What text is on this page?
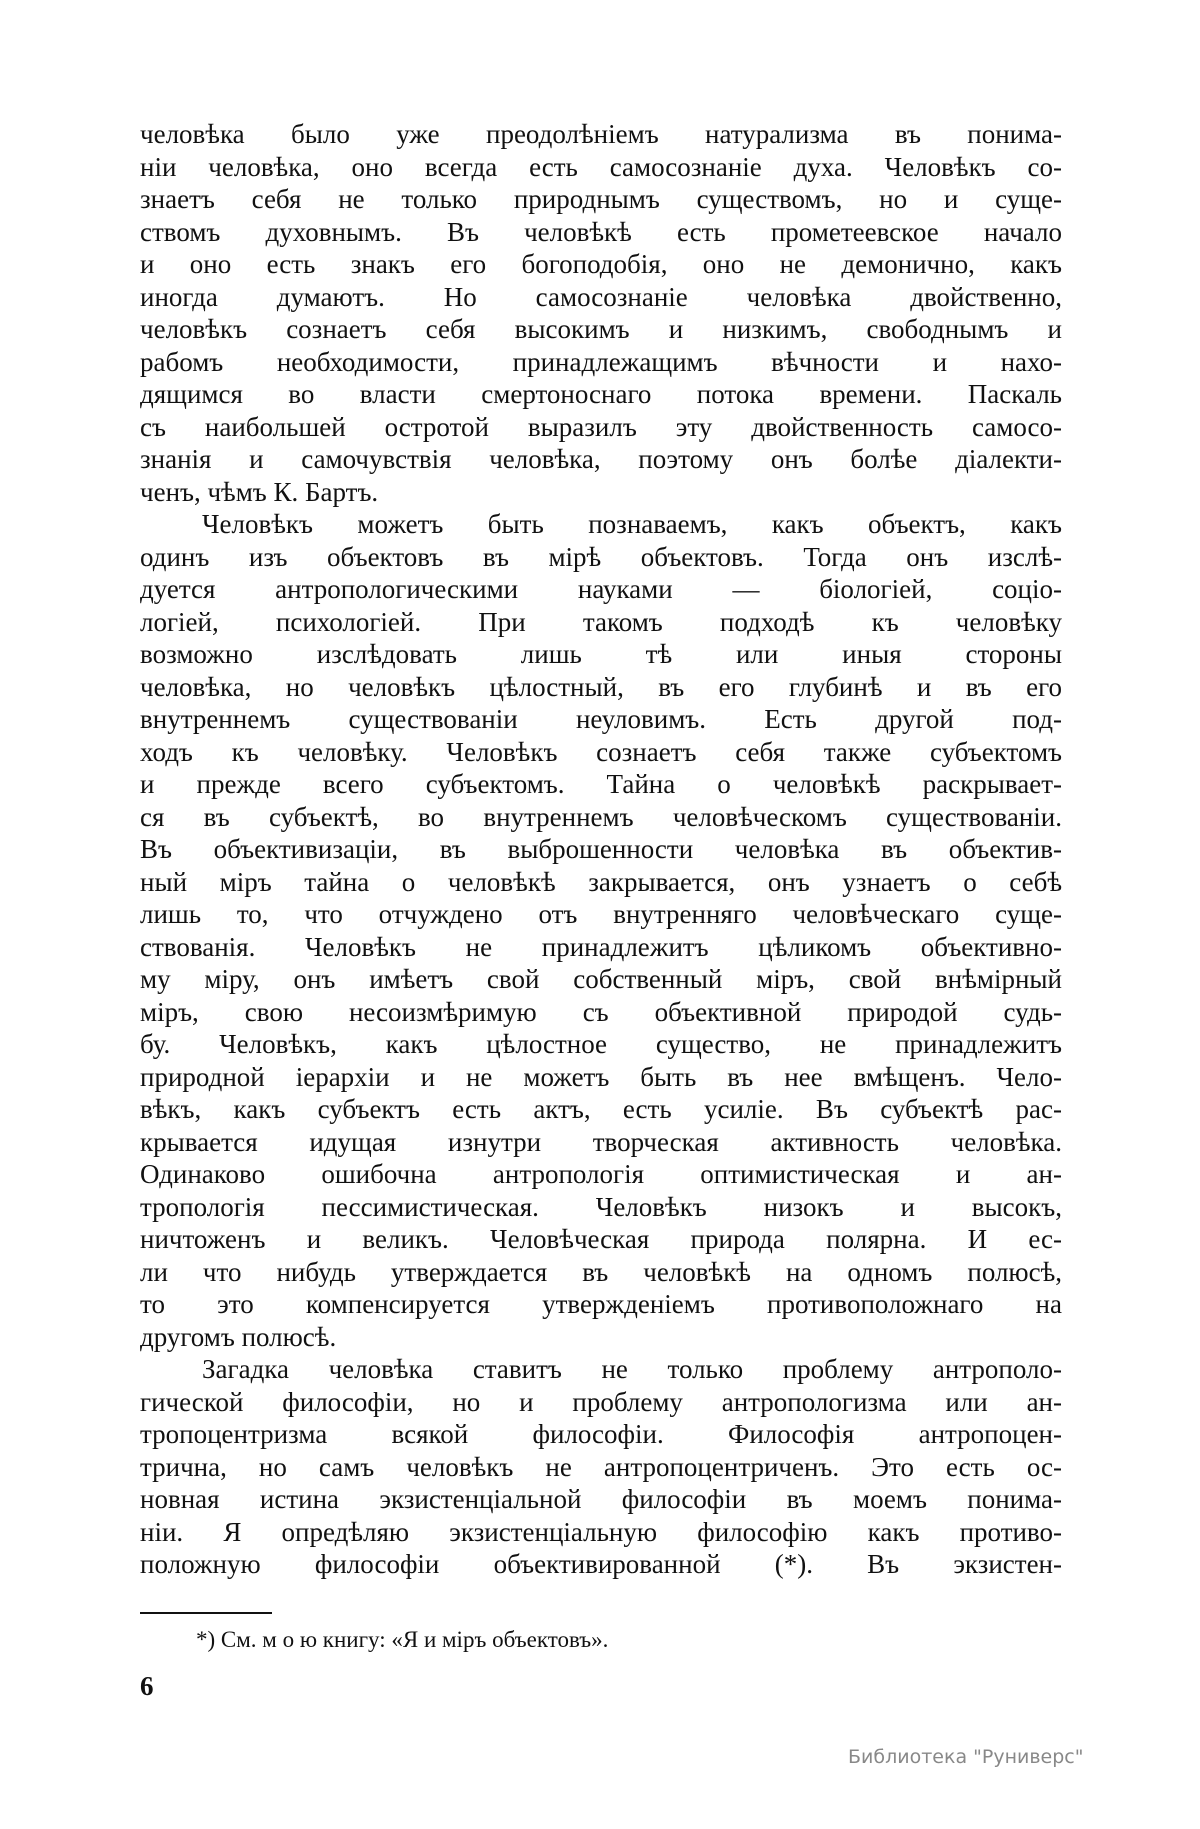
человѣка было уже преодолѣніемъ натурализма въ понима-
ніи человѣка, оно всегда есть самосознаніе духа. Человѣкъ со-
знаетъ себя не только природнымъ существомъ, но и суще-
ствомъ духовнымъ. Въ человѣкѣ есть прометеевское начало
и оно есть знакъ его богоподобія, оно не демонично, какъ
иногда думаютъ. Но самосознаніе человѣка двойственно,
человѣкъ сознаетъ себя высокимъ и низкимъ, свободнымъ и
рабомъ необходимости, принадлежащимъ вѣчности и нахо-
дящимся во власти смертоноснаго потока времени. Паскаль
съ наибольшей остротой выразилъ эту двойственность самосо-
знанія и самочувствія человѣка, поэтому онъ болѣе діалекти-
ченъ, чѣмъ К. Бартъ.
Человѣкъ можетъ быть познаваемъ, какъ объектъ, какъ
одинъ изъ объектовъ въ мірѣ объектовъ. Тогда онъ изслѣ-
дуется антропологическими науками — біологіей, соціо-
логіей, психологіей. При такомъ подходѣ къ человѣку
возможно изслѣдовать лишь тѣ или иныя стороны
человѣка, но человѣкъ цѣлостный, въ его глубинѣ и въ его
внутреннемъ существованіи неуловимъ. Есть другой под-
ходъ къ человѣку. Человѣкъ сознаетъ себя также субъектомъ
и прежде всего субъектомъ. Тайна о человѣкѣ раскрывает-
ся въ субъектѣ, во внутреннемъ человѣческомъ существованіи.
Въ объективизаціи, въ выброшенности человѣка въ объектив-
ный міръ тайна о человѣкѣ закрывается, онъ узнаетъ о себѣ
лишь то, что отчуждено отъ внутренняго человѣческаго суще-
ствованія. Человѣкъ не принадлежитъ цѣликомъ объективно-
му міру, онъ имѣетъ свой собственный міръ, свой внѣмірный
міръ, свою несоизмѣримую съ объективной природой судь-
бу. Человѣкъ, какъ цѣлостное существо, не принадлежитъ
природной іерархіи и не можетъ быть въ нее вмѣщенъ. Чело-
вѣкъ, какъ субъектъ есть актъ, есть усиліе. Въ субъектѣ рас-
крывается идущая изнутри творческая активность человѣка.
Одинаково ошибочна антропологія оптимистическая и ан-
тропологія пессимистическая. Человѣкъ низокъ и высокъ,
ничтоженъ и великъ. Человѣческая природа полярна. И ес-
ли что нибудь утверждается въ человѣкѣ на одномъ полюсѣ,
то это компенсируется утвержденіемъ противоположнаго на
другомъ полюсѣ.
Загадка человѣка ставитъ не только проблему антрополо-
гической философіи, но и проблему антропологизма или ан-
тропоцентризма всякой философіи. Философія антропоцен-
трична, но самъ человѣкъ не антропоцентриченъ. Это есть ос-
новная истина экзистенціальной философіи въ моемъ понима-
ніи. Я опредѣляю экзистенціальную философію какъ противо-
положную философіи объективированной (*). Въ экзистен-
*) См. м о ю книгу: «Я и міръ объектовъ».
6
Библиотека "Руниверс"
